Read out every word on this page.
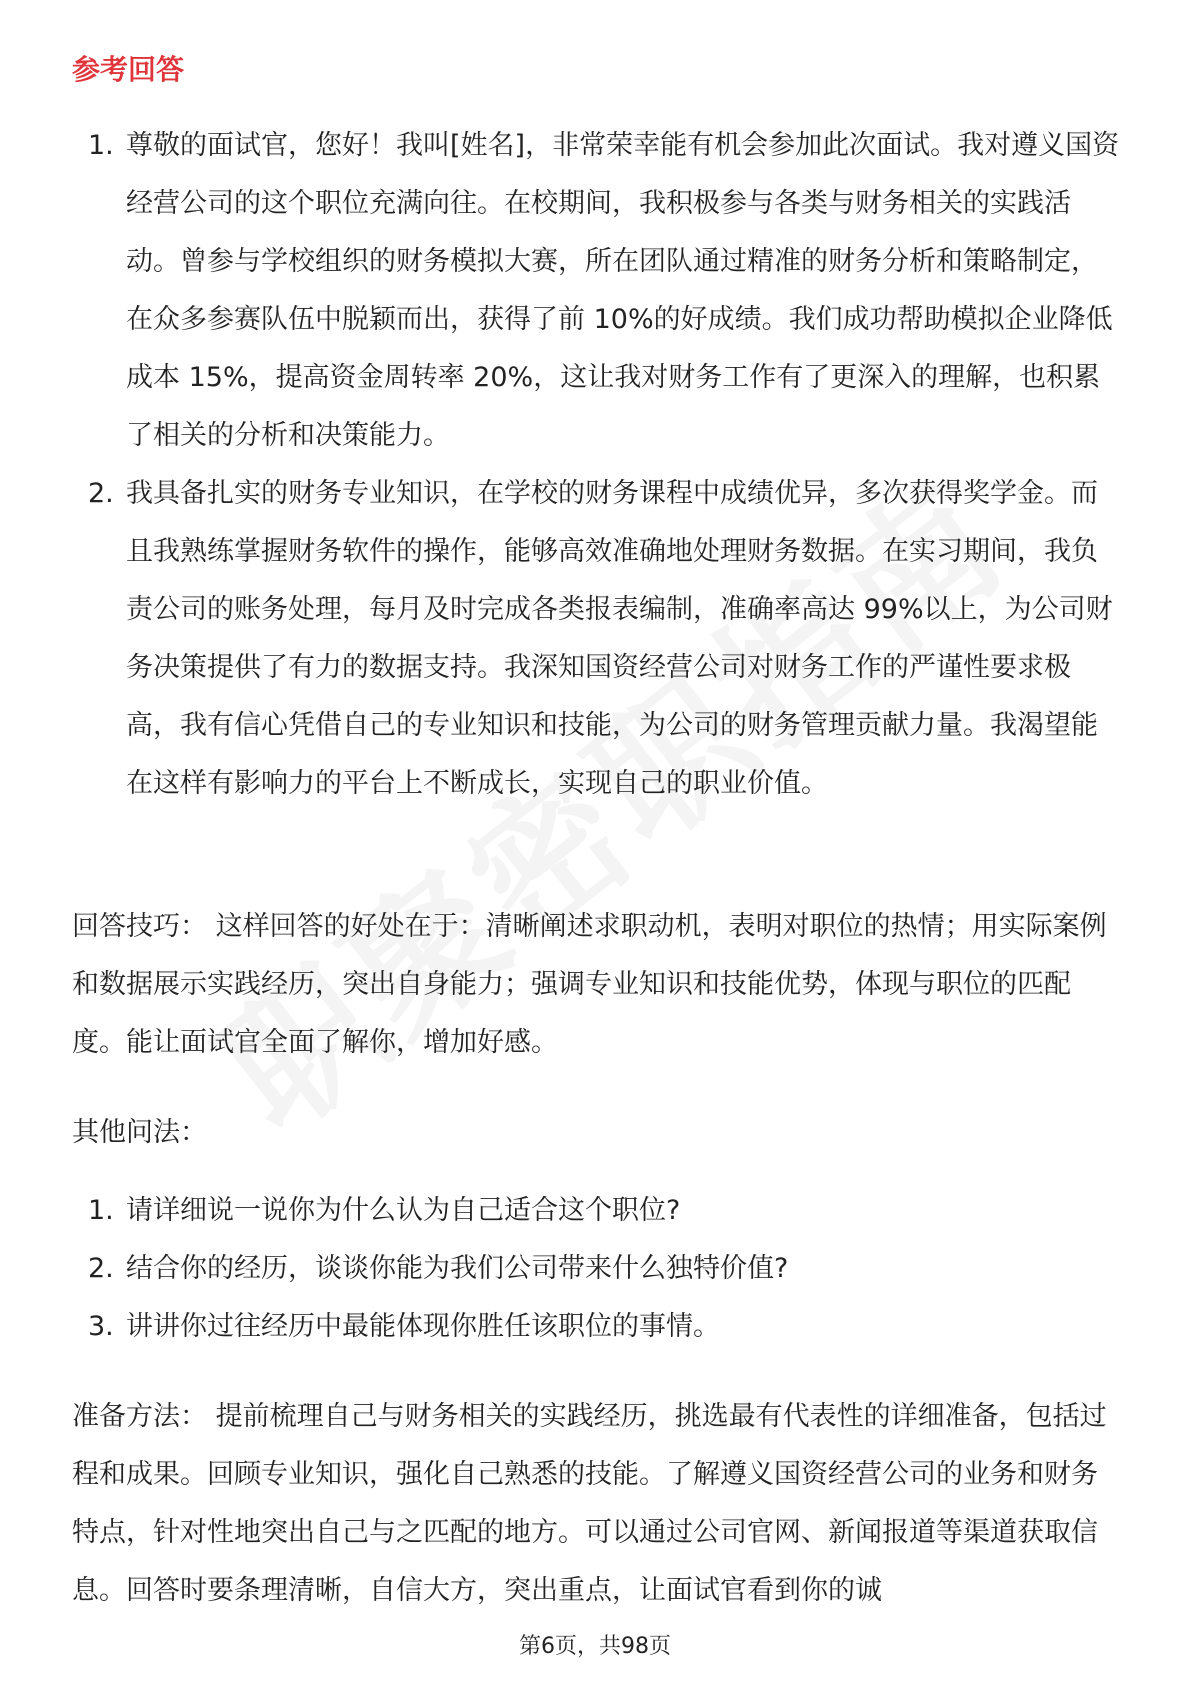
参考回答
1. 尊敬的面试官，您好！我叫[姓名]，非常荣幸能有机会参加此次面试。我对遵义国资经营公司的这个职位充满向往。在校期间，我积极参与各类与财务相关的实践活动。曾参与学校组织的财务模拟大赛，所在团队通过精准的财务分析和策略制定，在众多参赛队伍中脱颖而出，获得了前 10%的好成绩。我们成功帮助模拟企业降低成本 15%，提高资金周转率 20%，这让我对财务工作有了更深入的理解，也积累了相关的分析和决策能力。
2. 我具备扎实的财务专业知识，在学校的财务课程中成绩优异，多次获得奖学金。而且我熟练掌握财务软件的操作，能够高效准确地处理财务数据。在实习期间，我负责公司的账务处理，每月及时完成各类报表编制，准确率高达 99%以上，为公司财务决策提供了有力的数据支持。我深知国资经营公司对财务工作的严谨性要求极高，我有信心凭借自己的专业知识和技能，为公司的财务管理贡献力量。我渴望能在这样有影响力的平台上不断成长，实现自己的职业价值。

回答技巧： 这样回答的好处在于：清晰阐述求职动机，表明对职位的热情；用实际案例和数据展示实践经历，突出自身能力；强调专业知识和技能优势，体现与职位的匹配度。能让面试官全面了解你，增加好感。

其他问法：

1. 请详细说一说你为什么认为自己适合这个职位?
2. 结合你的经历，谈谈你能为我们公司带来什么独特价值?
3. 讲讲你过往经历中最能体现你胜任该职位的事情。

准备方法： 提前梳理自己与财务相关的实践经历，挑选最有代表性的详细准备，包括过程和成果。回顾专业知识，强化自己熟悉的技能。了解遵义国资经营公司的业务和财务特点，针对性地突出自己与之匹配的地方。可以通过公司官网、新闻报道等渠道获取信息。回答时要条理清晰，自信大方，突出重点，让面试官看到你的诚

第6页，共98页
